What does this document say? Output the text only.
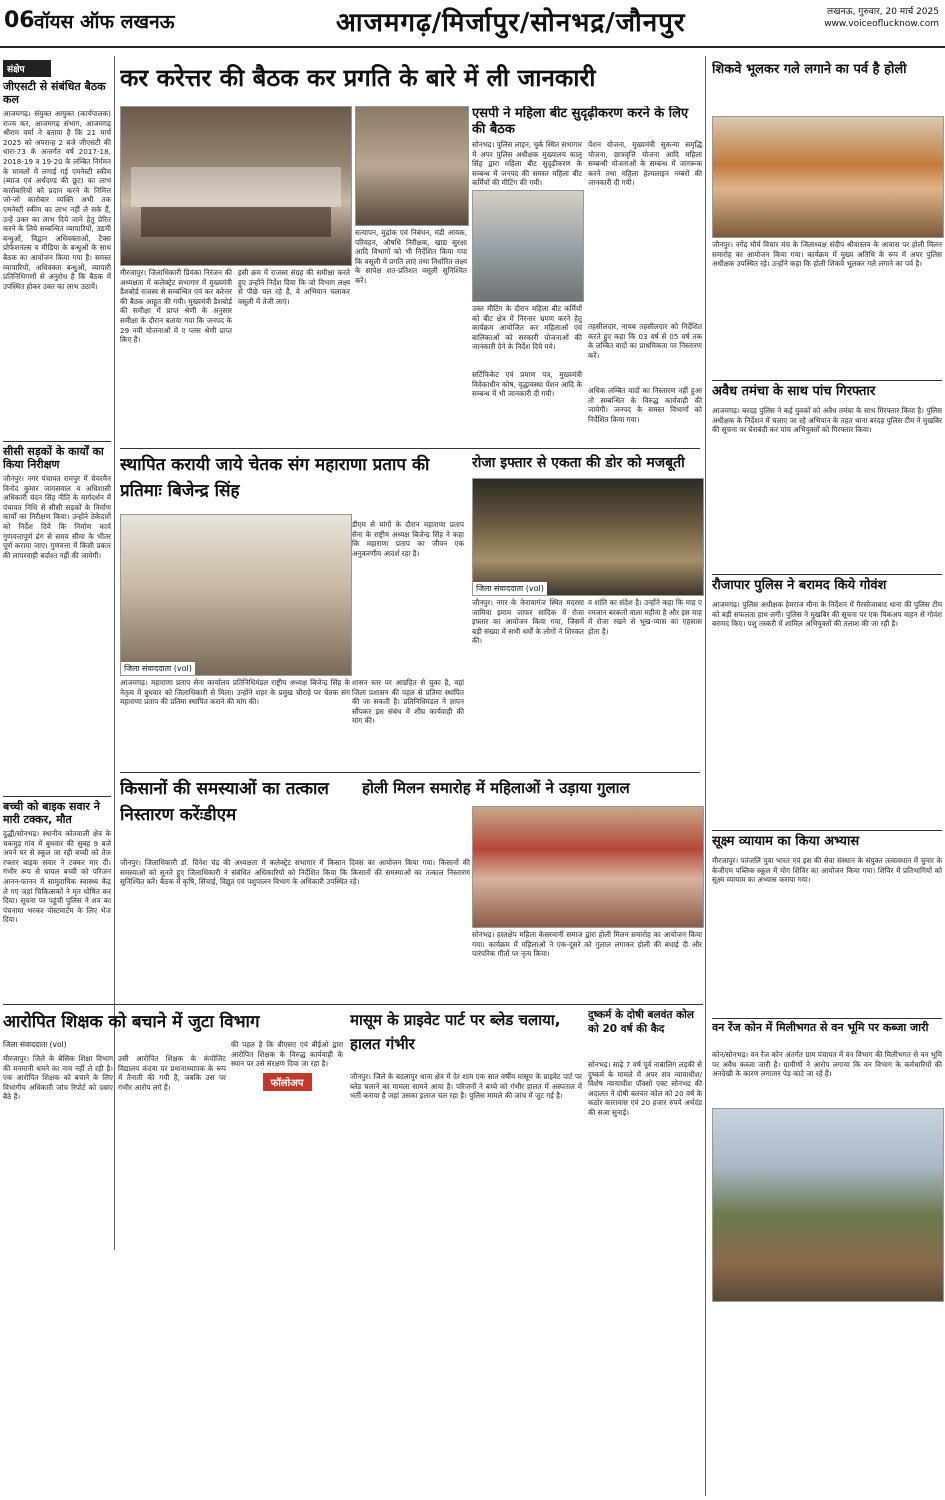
06 वॉयस ऑफ लखनऊ	आजमगढ़/मिर्जापुर/सोनभद्र/जौनपुर	लखनऊ, गुरुवार, 20 मार्च 2025
www.voiceoflucknow.com
संक्षेप
जीएसटी से संबंधित बैठक कल
आजमगढ़। संयुक्त आयुक्त (कार्यपालक) राज्य कर, आजमगढ़ संभाग, आजमगढ़ श्रीराम वर्मा ने बताया है कि 21 मार्च 2025 को अपरान्ह 2 बजे जीएसटी की धारा-73 के अन्तर्गत वर्ष 2017-18, 2018-19 व 19-20 के लम्बित निर्गमन के मामलों में लगाई गई एमनेस्टी स्कीम (ब्याज एवं अर्थदण्ड की छूट) का लाभ कारोबारियों को प्रदान करने के निमित्त जो-जो कारोबार व्यक्ति अभी तक एमनेस्टी स्कीम का लाभ नहीं ले सके हैं, उन्हें उक्त का लाभ दिये जाने हेतु प्रेरित करने के लिये सम्बन्धित व्यापारियों, उद्यमी बन्धुओं, विद्वान अधिवक्ताओं, टैक्स प्रोफेशनल्स व मीडिया के बन्धुओं के साथ बैठक का आयोजन किया गया है। समस्त व्यापारियों, अधिवक्ता बन्धुओं, व्यापारी प्रतिनिधिगणों से अनुरोध है कि बैठक में उपस्थित होकर उक्त का लाभ उठायें।
सीसी सड़कों के कार्यों का किया निरीक्षण
जौनपुर। नगर पंचायत रामपुर में चेयरमैन विनोद कुमार जायसवाल व अधिशासी अधिकारी चंदन सिंह नीति के मार्गदर्शन में पंचायत निधि से सीसी सड़कों के निर्माण कार्यों का निरीक्षण किया। उन्होंने ठेकेदारों को निर्देश दिये कि निर्माण कार्य गुणवत्तापूर्ण ढंग से समय सीमा के भीतर पूर्ण कराया जाए। गुणवत्ता में किसी प्रकार की लापरवाही बर्दाश्त नहीं की जायेगी।
बच्ची को बाइक सवार ने मारी टक्कर, मौत
दुद्धी/सोनभद्र। स्थानीय कोतवाली क्षेत्र के चकमुड़ गांव में बुधवार की सुबह 9 बजे अपने घर से स्कूल जा रही बच्ची को तेज रफ्तार बाइक सवार ने टक्कर मार दी। गंभीर रूप से घायल बच्ची को परिजन आनन-फानन में सामुदायिक स्वास्थ्य केंद्र ले गए जहां चिकित्सकों ने मृत घोषित कर दिया। सूचना पर पहुंची पुलिस ने शव का पंचनामा भरकर पोस्टमार्टम के लिए भेज दिया।
कर करेत्तर की बैठक कर प्रगति के बारे में ली जानकारी

मीरजापुर। जिलाधिकारी प्रियंका निरंजन की अध्यक्षता में कलेक्ट्रेट सभागार में मुख्यमंत्री डैशबोर्ड राजस्व से सम्बन्धित एवं कर करेत्तर की बैठक आहूत की गयी। मुख्यमंत्री डैशबोर्ड की समीक्षा में प्राप्त श्रेणी के अनुसार समीक्षा के दौरान बताया गया कि जनपद के 29 नयी योजनाओं में ए प्लस श्रेणी प्राप्त किए हैं।

इसी क्रम में राजस्व संग्रह की समीक्षा करते हुए उन्होंने निर्देश दिया कि जो विभाग लक्ष्य से पीछे चल रहे हैं, वे अभियान चलाकर वसूली में तेजी लाएं।

सत्यापन, मुद्रांक एवं निबंधन, मंडी आयक, परिवहन, औषधि निरीक्षक, खाद्य सुरक्षा आदि विभागों को भी निर्देशित किया गया कि वसूली में प्रगति लाएं तथा निर्धारित लक्ष्य के सापेक्ष शत-प्रतिशत वसूली सुनिश्चित करें।

एसपी ने महिला बीट सुदृढ़ीकरण करने के लिए की बैठक

सोनभद्र। पुलिस लाइन, चुर्क स्थित सभागार में अपर पुलिस अधीक्षक मुख्यालय कालू सिंह द्वारा महिला बीट सुदृढ़ीकरण के सम्बन्ध में जनपद की समस्त महिला बीट कर्मियों की मीटिंग की गयी।

पेंशन योजना, मुख्यमंत्री सुकन्या समृद्धि योजना, छात्रवृत्ति योजना आदि महिला सम्बन्धी योजनाओं के सम्बन्ध में जागरूक करने तथा महिला हेल्पलाइन नम्बरों की जानकारी दी गयी।

उक्त मीटिंग के दौरान महिला बीट कर्मियों को बीट क्षेत्र में निरन्तर भ्रमण करने हेतु कार्यक्रम आयोजित कर महिलाओं एवं बालिकाओं को सरकारी योजनाओं की जानकारी देने के निर्देश दिये गये।

सर्टिफिकेट एवं प्रमाण पत्र, मुख्यमंत्री विवेकाधीन कोष, वृद्धावस्था पेंशन आदि के सम्बन्ध में भी जानकारी दी गयी।

तहसीलदार, नायब तहसीलदार को निर्देशित करते हुए कहा कि 03 वर्ष से 05 वर्ष तक के लम्बित वादों का प्राथमिकता पर निस्तारण करें।

अधिक लम्बित वादों का निस्तारण नहीं हुआ तो सम्बन्धित के विरुद्ध कार्यवाही की जायेगी। जनपद के समस्त विभागों को निर्देशित किया गया।

स्थापित करायी जाये चेतक संग महाराणा प्रताप की प्रतिमाः बिजेन्द्र सिंह
जिला संवाददाता (vol)

डीएम से मांगों के दौरान महाराणा प्रताप सेना के राष्ट्रीय अध्यक्ष बिजेन्द्र सिंह ने कहा कि महाराणा प्रताप का जीवन एक अनुकरणीय आदर्श रहा है।

आजमगढ़। महाराणा प्रताप सेना कार्यालय प्रतिनिधिमंडल राष्ट्रीय अध्यक्ष बिजेन्द्र सिंह के नेतृत्व में बुधवार को जिलाधिकारी से मिला। उन्होंने शहर के प्रमुख चौराहे पर चेतक संग महाराणा प्रताप की प्रतिमा स्थापित कराने की मांग की।

शासन स्तर पर आग्रहित से चुका है, वहां जिला प्रशासन की पहल से प्रतिमा स्थापित की जा सकती है। प्रतिनिधिमंडल ने ज्ञापन सौंपकर इस संबंध में शीघ्र कार्यवाही की मांग की।

रोजा इफ्तार से एकता की डोर को मजबूती
जिला संवाददाता (vol)

जौनपुर। नगर के केरावागंज स्थित मदरसा जामिया इमाम जाफर सादिक में रोजा इफ्तार का आयोजन किया गया, जिसमें बड़ी संख्या में सभी धर्मों के लोगों ने शिरकत की।

व शांति का संदेश है। उन्होंने कहा कि माह ए रमजान बरकतों वाला महीना है और इस माह में रोजा रखने से भूख-प्यास का एहसास होता है।

किसानों की समस्याओं का तत्काल निस्तारण करेंःडीएम

जौनपुर। जिलाधिकारी डॉ. दिनेश चंद्र की अध्यक्षता में कलेक्ट्रेट सभागार में किसान दिवस का आयोजन किया गया। किसानों की समस्याओं को सुनते हुए जिलाधिकारी ने संबंधित अधिकारियों को निर्देशित किया कि किसानों की समस्याओं का तत्काल निस्तारण सुनिश्चित करें। बैठक में कृषि, सिंचाई, विद्युत एवं पशुपालन विभाग के अधिकारी उपस्थित रहे।

होली मिलन समारोह में महिलाओं ने उड़ाया गुलाल

सोनभद्र। हस्तक्षेप महिला केसरवानी समाज द्वारा होली मिलन समारोह का आयोजन किया गया। कार्यक्रम में महिलाओं ने एक-दूसरे को गुलाल लगाकर होली की बधाई दी और पारंपरिक गीतों पर नृत्य किया।

आरोपित शिक्षक को बचाने में जुटा विभाग
जिला संवाददाता (vol)

मीरजापुर। जिले के बेसिक शिक्षा विभाग की मनमानी थमने का नाम नहीं ले रही है। एक आरोपित शिक्षक को बचाने के लिए विभागीय अधिकारी जांच रिपोर्ट को दबाए बैठे हैं।

उसी आरोपित शिक्षक के कंपोजिट विद्यालय कंदवा पर प्रधानाध्यापक के रूप में तैनाती की गयी है, जबकि उस पर गंभीर आरोप लगे हैं।

की पहल है कि बीएसए एवं बीईओ द्वारा आरोपित शिक्षक के विरुद्ध कार्यवाही के स्थान पर उसे संरक्षण दिया जा रहा है।

फॉलोअप
मासूम के प्राइवेट पार्ट पर ब्लेड चलाया, हालत गंभीर

जौनपुर। जिले के बदलापुर थाना क्षेत्र में देर शाम एक सात वर्षीय मासूम के प्राइवेट पार्ट पर ब्लेड चलाने का मामला सामने आया है। परिजनों ने बच्चे को गंभीर हालत में अस्पताल में भर्ती कराया है जहां उसका इलाज चल रहा है। पुलिस मामले की जांच में जुट गई है।

दुष्कर्म के दोषी बलवंत कोल को 20 वर्ष की कैद

सोनभद्र। साढ़े 7 वर्ष पूर्व नाबालिग लड़की से दुष्कर्म के मामले में अपर सत्र न्यायाधीश/विशेष न्यायाधीश पॉक्सो एक्ट सोनभद्र की अदालत ने दोषी बलवंत कोल को 20 वर्ष के कठोर कारावास एवं 20 हजार रुपये अर्थदंड की सजा सुनाई।

शिकवे भूलकर गले लगाने का पर्व है होली

जौनपुर। नगेंद्र मौर्य विचार मंच के जिलाध्यक्ष संदीप श्रीवास्तव के आवास पर होली मिलन समारोह का आयोजन किया गया। कार्यक्रम में मुख्य अतिथि के रूप में अपर पुलिस अधीक्षक उपस्थित रहे। उन्होंने कहा कि होली शिकवे भूलकर गले लगाने का पर्व है।

अवैध तमंचा के साथ पांच गिरफ्तार

आजमगढ़। बरदह पुलिस ने कई युवकों को अवैध तमंचा के साथ गिरफ्तार किया है। पुलिस अधीक्षक के निर्देशन में चलाए जा रहे अभियान के तहत थाना बरदह पुलिस टीम ने मुखबिर की सूचना पर घेराबंदी कर पांच अभियुक्तों को गिरफ्तार किया।

रौजापार पुलिस ने बरामद किये गोवंश

आजमगढ़। पुलिस अधीक्षक हेमराज मीना के निर्देशन में गैरसोजाबाद थाना की पुलिस टीम को बड़ी सफलता हाथ लगी। पुलिस ने मुखबिर की सूचना पर एक पिकअप वाहन से गोवंश बरामद किए। पशु तस्करी में शामिल अभियुक्तों की तलाश की जा रही है।

सूक्ष्म व्यायाम का किया अभ्यास

मीरजापुर। पतंजलि युवा भारत एवं इस की सेवा संस्थान के संयुक्त तत्वावधान में चुनार के केजीएम पब्लिक स्कूल में योग शिविर का आयोजन किया गया। शिविर में प्रतिभागियों को सूक्ष्म व्यायाम का अभ्यास कराया गया।

वन रेंज कोन में मिलीभगत से वन भूमि पर कब्जा जारी

कोन/सोनभद्र। वन रेंज कोन अंतर्गत ग्राम पंचायत में वन विभाग की मिलीभगत से वन भूमि पर अवैध कब्जा जारी है। ग्रामीणों ने आरोप लगाया कि वन विभाग के कर्मचारियों की अनदेखी के कारण लगातार पेड़ काटे जा रहे हैं।
